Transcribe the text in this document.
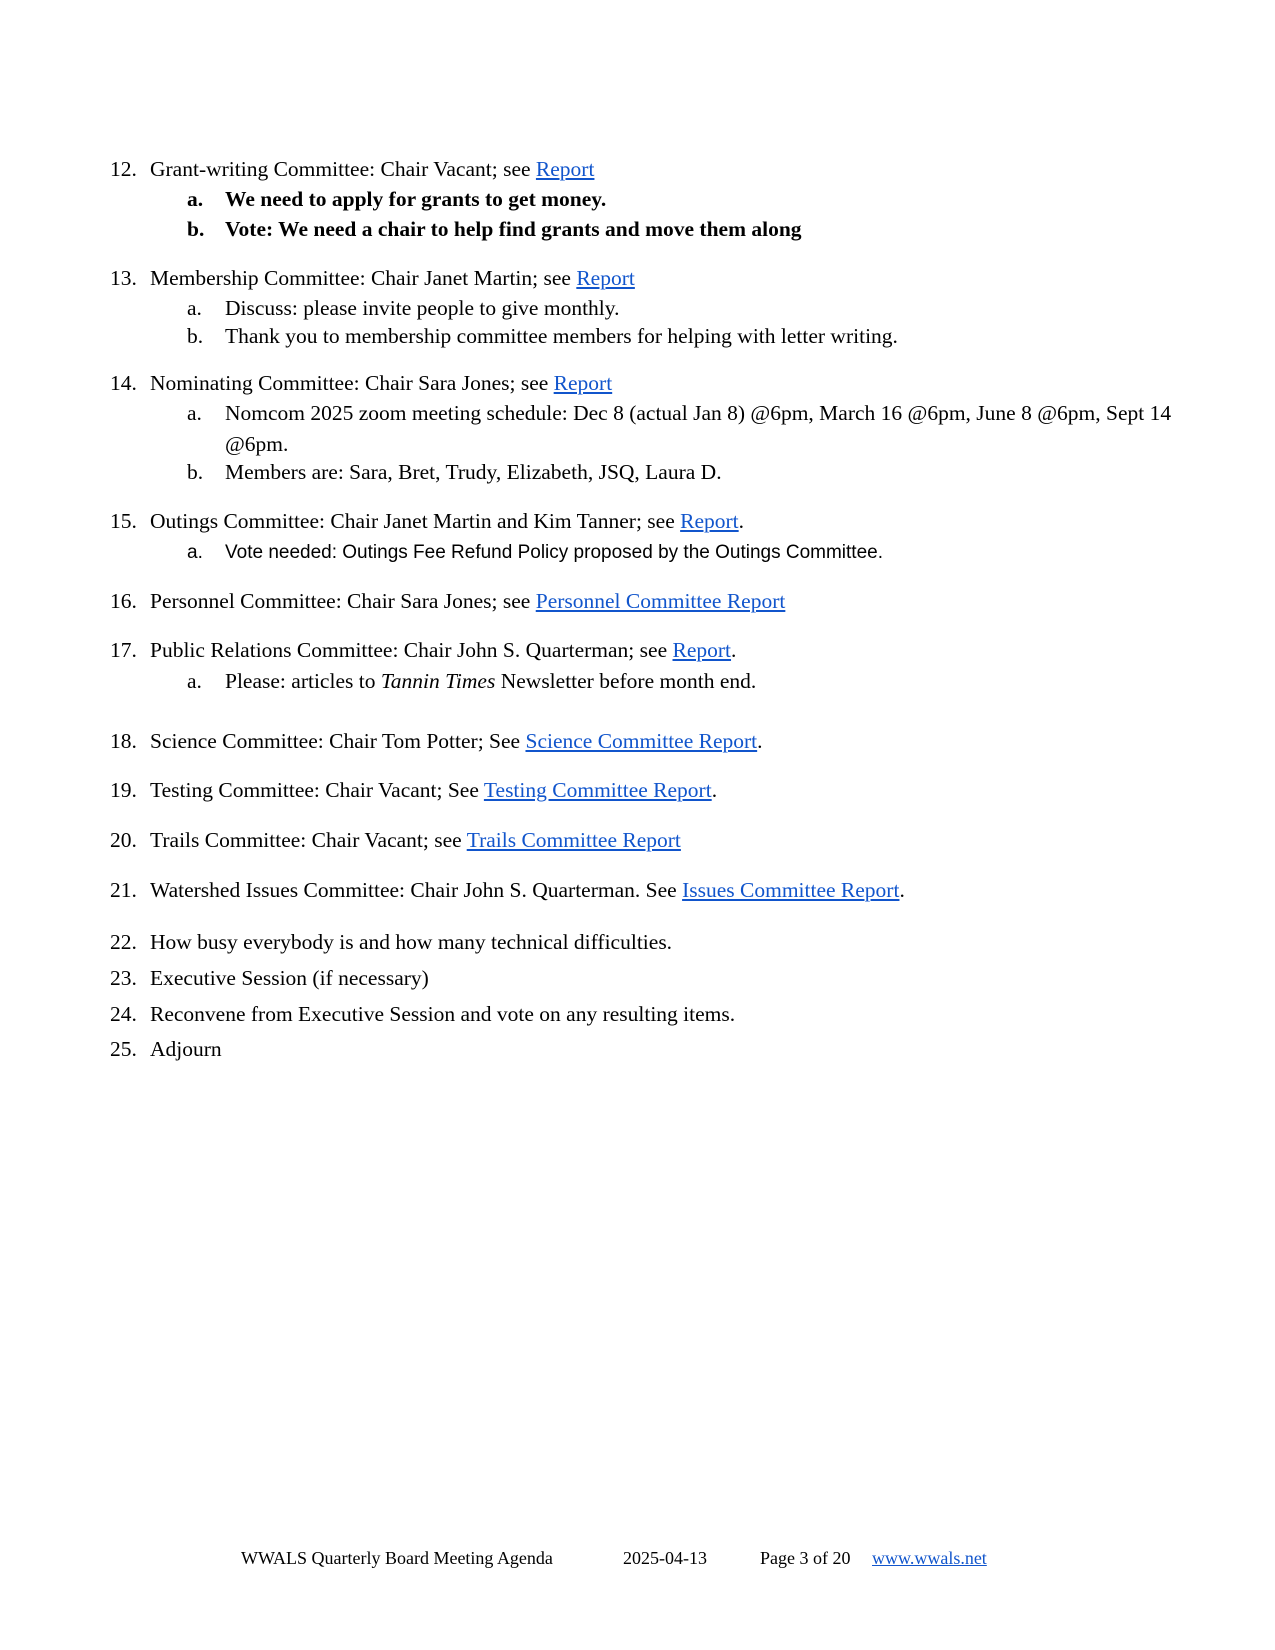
12. Grant-writing Committee: Chair Vacant; see Report
a. We need to apply for grants to get money.
b. Vote: We need a chair to help find grants and move them along
13. Membership Committee: Chair Janet Martin; see Report
a. Discuss: please invite people to give monthly.
b. Thank you to membership committee members for helping with letter writing.
14. Nominating Committee: Chair Sara Jones; see Report
a. Nomcom 2025 zoom meeting schedule: Dec 8 (actual Jan 8) @6pm, March 16 @6pm, June 8 @6pm, Sept 14 @6pm.
b. Members are: Sara, Bret, Trudy, Elizabeth, JSQ, Laura D.
15. Outings Committee: Chair Janet Martin and Kim Tanner; see Report.
a. Vote needed: Outings Fee Refund Policy proposed by the Outings Committee.
16. Personnel Committee: Chair Sara Jones; see Personnel Committee Report
17. Public Relations Committee: Chair John S. Quarterman; see Report.
a. Please: articles to Tannin Times Newsletter before month end.
18. Science Committee: Chair Tom Potter; See Science Committee Report.
19. Testing Committee: Chair Vacant; See Testing Committee Report.
20. Trails Committee: Chair Vacant; see Trails Committee Report
21. Watershed Issues Committee: Chair John S. Quarterman. See Issues Committee Report.
22. How busy everybody is and how many technical difficulties.
23. Executive Session (if necessary)
24. Reconvene from Executive Session and vote on any resulting items.
25. Adjourn
WWALS Quarterly Board Meeting Agenda	2025-04-13	Page 3 of 20 www.wwals.net
